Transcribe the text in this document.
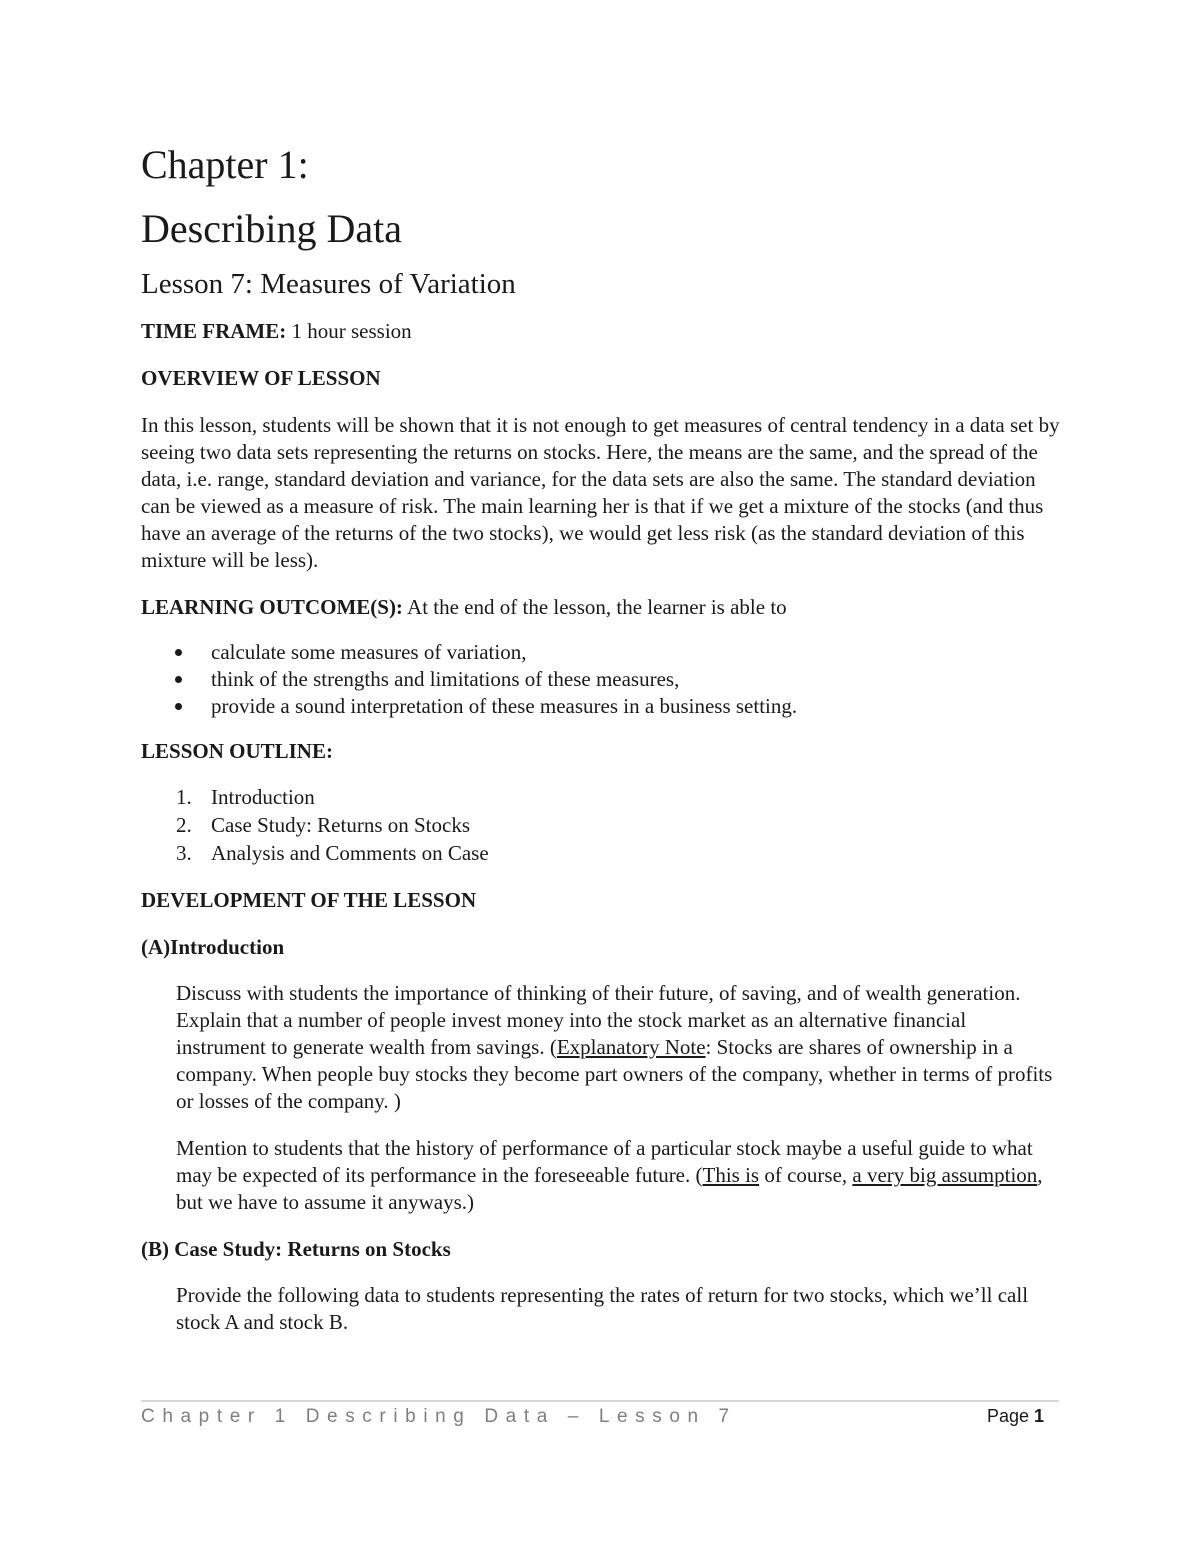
Chapter 1:
Describing Data
Lesson 7: Measures of Variation
TIME FRAME: 1 hour session
OVERVIEW OF LESSON
In this lesson, students will be shown that it is not enough to get measures of central tendency in a data set by seeing two data sets representing the returns on stocks. Here, the means are the same, and the spread of the data, i.e. range, standard deviation and variance, for the data sets are also the same. The standard deviation can be viewed as a measure of risk. The main learning her is that if we get a mixture of the stocks (and thus have an average of the returns of the two stocks), we would get less risk (as the standard deviation of this mixture will be less).
LEARNING OUTCOME(S): At the end of the lesson, the learner is able to
calculate some measures of variation,
think of the strengths and limitations of these measures,
provide a sound interpretation of these measures in a business setting.
LESSON OUTLINE:
1. Introduction
2. Case Study: Returns on Stocks
3. Analysis and Comments on Case
DEVELOPMENT OF THE LESSON
(A)Introduction
Discuss with students the importance of thinking of their future, of saving, and of wealth generation. Explain that a number of people invest money into the stock market as an alternative financial instrument to generate wealth from savings. (Explanatory Note: Stocks are shares of ownership in a company. When people buy stocks they become part owners of the company, whether in terms of profits or losses of the company. )
Mention to students that the history of performance of a particular stock maybe a useful guide to what may be expected of its performance in the foreseeable future. (This is of course, a very big assumption, but we have to assume it anyways.)
(B) Case Study: Returns on Stocks
Provide the following data to students representing the rates of return for two stocks, which we’ll call stock A and stock B.
Chapter 1 Describing Data – Lesson 7	Page 1
